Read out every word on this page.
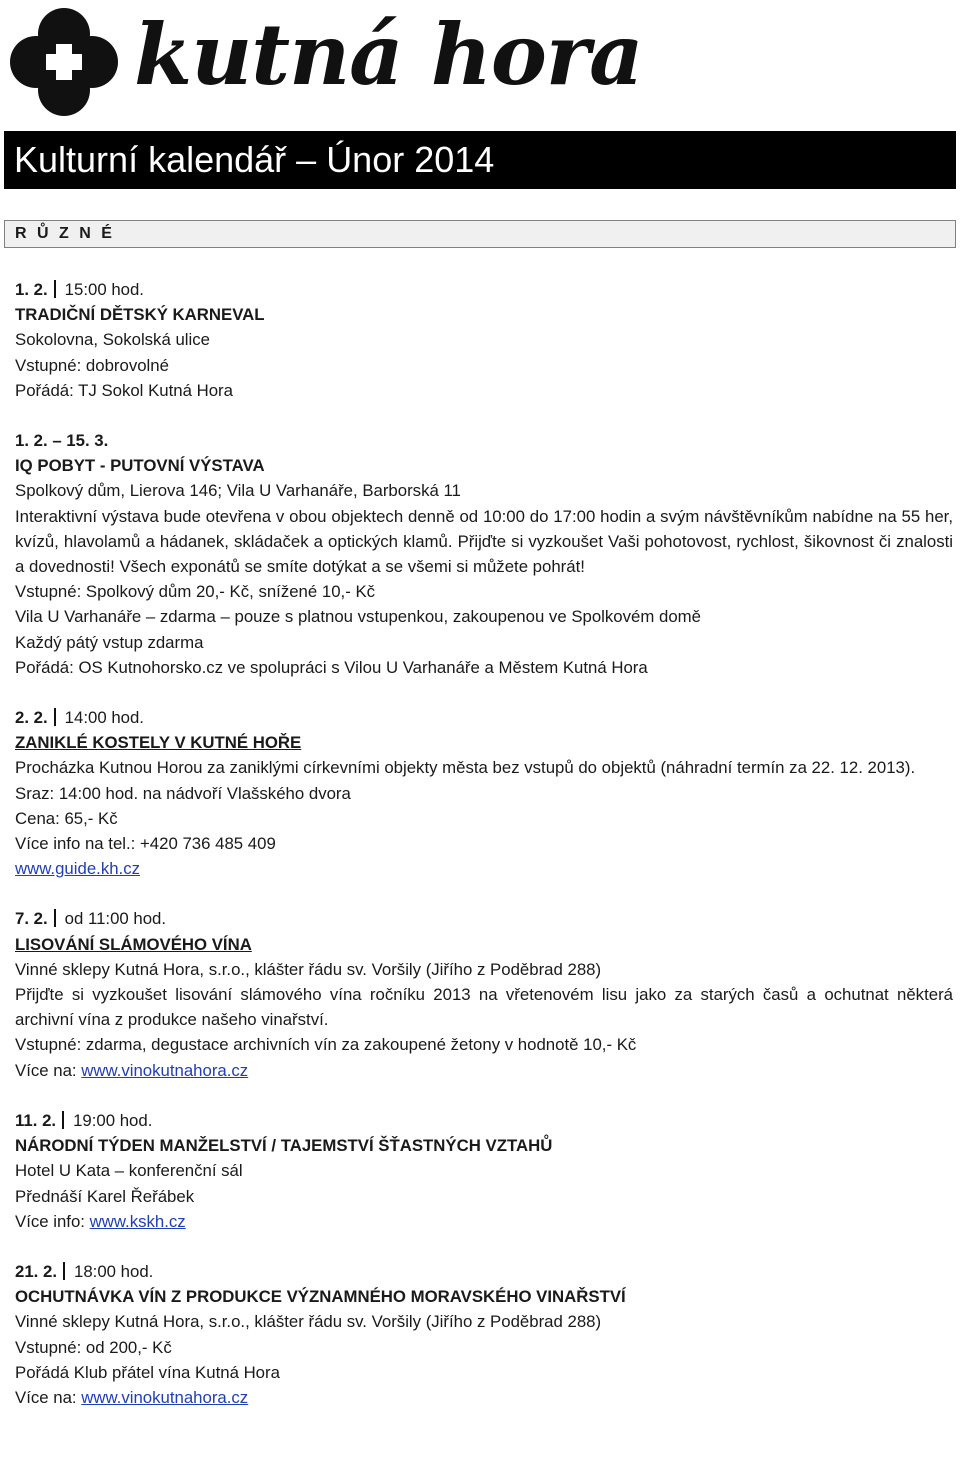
kutná hora
Kulturní kalendář – Únor 2014
R Ů Z N É
1. 2. 15:00 hod.
TRADIČNÍ DĚTSKÝ KARNEVAL
Sokolovna, Sokolská ulice
Vstupné: dobrovolné
Pořádá: TJ Sokol Kutná Hora
1. 2. – 15. 3.
IQ POBYT - PUTOVNÍ VÝSTAVA
Spolkový dům, Lierova 146; Vila U Varhanáře, Barborská 11
Interaktivní výstava bude otevřena v obou objektech denně od 10:00 do 17:00 hodin a svým návštěvníkům nabídne na 55 her, kvízů, hlavolamů a hádanek, skládaček a optických klamů. Přijďte si vyzkoušet Vaši pohotovost, rychlost, šikovnost či znalosti a dovednosti! Všech exponátů se smíte dotýkat a se všemi si můžete pohrát!
Vstupné: Spolkový dům 20,- Kč, snížené 10,- Kč
Vila U Varhanáře – zdarma – pouze s platnou vstupenkou, zakoupenou ve Spolkovém domě
Každý pátý vstup zdarma
Pořádá: OS Kutnohorsko.cz ve spolupráci s Vilou U Varhanáře a Městem Kutná Hora
2. 2. 14:00 hod.
ZANIKLÉ KOSTELY V KUTNÉ HOŘE
Procházka Kutnou Horou za zaniklými církevními objekty města bez vstupů do objektů (náhradní termín za 22. 12. 2013).
Sraz: 14:00 hod. na nádvoří Vlašského dvora
Cena: 65,- Kč
Více info na tel.: +420 736 485 409
www.guide.kh.cz
7. 2. od 11:00 hod.
LISOVÁNÍ SLÁMOVÉHO VÍNA
Vinné sklepy Kutná Hora, s.r.o., klášter řádu sv. Voršily (Jiřího z Poděbrad 288)
Přijďte si vyzkoušet lisování slámového vína ročníku 2013 na vřetenovém lisu jako za starých časů a ochutnat některá archivní vína z produkce našeho vinařství.
Vstupné: zdarma, degustace archivních vín za zakoupené žetony v hodnotě 10,- Kč
Více na: www.vinokutnahora.cz
11. 2. 19:00 hod.
NÁRODNÍ TÝDEN MANŽELSTVÍ / TAJEMSTVÍ ŠŤASTNÝCH VZTAHŮ
Hotel U Kata – konferenční sál
Přednáší Karel Řeřábek
Více info: www.kskh.cz
21. 2. 18:00 hod.
OCHUTNÁVKA VÍN Z PRODUKCE VÝZNAMNÉHO MORAVSKÉHO VINAŘSTVÍ
Vinné sklepy Kutná Hora, s.r.o., klášter řádu sv. Voršily (Jiřího z Poděbrad 288)
Vstupné: od 200,- Kč
Pořádá Klub přátel vína Kutná Hora
Více na: www.vinokutnahora.cz
